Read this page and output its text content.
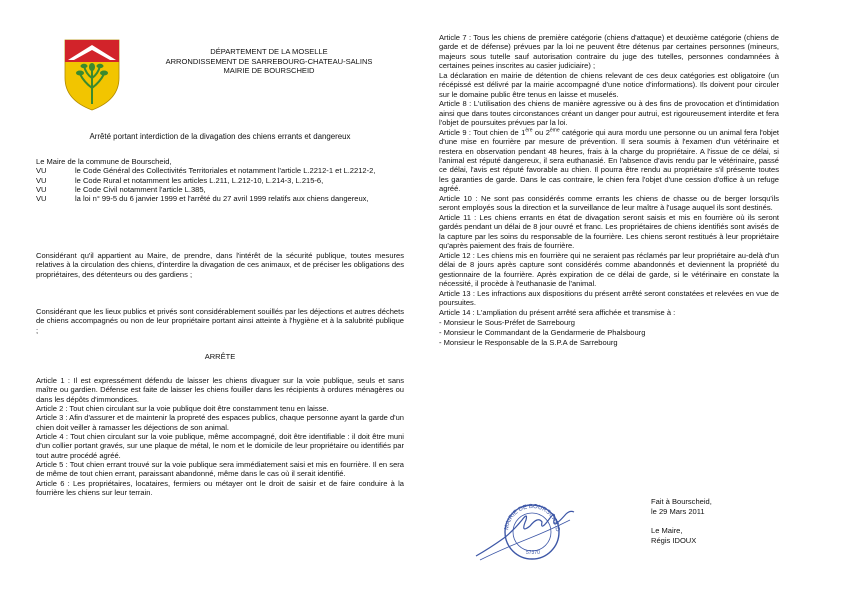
DÉPARTEMENT DE LA MOSELLE
ARRONDISSEMENT DE SARREBOURG-CHATEAU-SALINS
MAIRIE DE BOURSCHEID
Arrêté portant interdiction de la divagation des chiens errants et dangereux

Le Maire de la commune de Bourscheid,

VU	le Code Général des Collectivités Territoriales et notamment l'article L.2212-1 et L.2212-2,
VU	le Code Rural et notamment les articles L.211, L.212-10, L.214-3, L.215-6,
VU	le Code Civil notamment l'article L.385,
VU	la loi n° 99-5 du 6 janvier 1999 et l'arrêté du 27 avril 1999 relatifs aux chiens dangereux,
Considérant qu'il appartient au Maire, de prendre, dans l'intérêt de la sécurité publique, toutes mesures relatives à la circulation des chiens, d'interdire la divagation de ces animaux, et de préciser les obligations des propriétaires, des détenteurs ou des gardiens ;
Considérant que les lieux publics et privés sont considérablement souillés par les déjections et autres déchets de chiens accompagnés ou non de leur propriétaire portant ainsi atteinte à l'hygiène et à la salubrité publique ;
ARRÊTE

Article 1 : Il est expressément défendu de laisser les chiens divaguer sur la voie publique, seuls et sans maître ou gardien. Défense est faite de laisser les chiens fouiller dans les récipients à ordures ménagères ou dans les dépôts d'immondices.

Article 2 : Tout chien circulant sur la voie publique doit être constamment tenu en laisse.

Article 3 : Afin d'assurer et de maintenir la propreté des espaces publics, chaque personne ayant la garde d'un chien doit veiller à ramasser les déjections de son animal.

Article 4 : Tout chien circulant sur la voie publique, même accompagné, doit être identifiable : il doit être muni d'un collier portant gravés, sur une plaque de métal, le nom et le domicile de leur propriétaire ou identifiés par tout autre procédé agréé.

Article 5 : Tout chien errant trouvé sur la voie publique sera immédiatement saisi et mis en fourrière. Il en sera de même de tout chien errant, paraissant abandonné, même dans le cas où il serait identifié.

Article 6 : Les propriétaires, locataires, fermiers ou métayer ont le droit de saisir et de faire conduire à la fourrière les chiens sur leur terrain.

Article 7 : Tous les chiens de première catégorie (chiens d'attaque) et deuxième catégorie (chiens de garde et de défense) prévues par la loi ne peuvent être détenus par certaines personnes (mineurs, majeurs sous tutelle sauf autorisation contraire du juge des tutelles, personnes condamnées à certaines peines inscrites au casier judiciaire) ;

La déclaration en mairie de détention de chiens relevant de ces deux catégories est obligatoire (un récépissé est délivré par la mairie accompagné d'une notice d'informations). Ils doivent pour circuler sur le domaine public être tenus en laisse et muselés.

Article 8 : L'utilisation des chiens de manière agressive ou à des fins de provocation et d'intimidation ainsi que dans toutes circonstances créant un danger pour autrui, est rigoureusement interdite et fera l'objet de poursuites prévues par la loi.

Article 9 : Tout chien de 1ère ou 2ème catégorie qui aura mordu une personne ou un animal fera l'objet d'une mise en fourrière par mesure de prévention. Il sera soumis à l'examen d'un vétérinaire et restera en observation pendant 48 heures, frais à la charge du propriétaire. A l'issue de ce délai, si l'animal est réputé dangereux, il sera euthanasié. En l'absence d'avis rendu par le vétérinaire, passé ce délai, l'avis est réputé favorable au chien. Il pourra être rendu au propriétaire s'il présente toutes les garanties de garde. Dans le cas contraire, le chien fera l'objet d'une cession d'office à un refuge agréé.

Article 10 : Ne sont pas considérés comme errants les chiens de chasse ou de berger lorsqu'ils seront employés sous la direction et la surveillance de leur maître à l'usage auquel ils sont destinés.

Article 11 : Les chiens errants en état de divagation seront saisis et mis en fourrière où ils seront gardés pendant un délai de 8 jour ouvré et franc. Les propriétaires de chiens identifiés sont avisés de la capture par les soins du responsable de la fourrière. Les chiens seront restitués à leur propriétaire qu'après paiement des frais de fourrière.

Article 12 : Les chiens mis en fourrière qui ne seraient pas réclamés par leur propriétaire au-delà d'un délai de 8 jours après capture sont considérés comme abandonnés et deviennent la propriété du gestionnaire de la fourrière. Après expiration de ce délai de garde, si le vétérinaire en constate la nécessité, il procède à l'euthanasie de l'animal.

Article 13 : Les infractions aux dispositions du présent arrêté seront constatées et relevées en vue de poursuites.

Article 14 : L'ampliation du présent arrêté sera affichée et transmise à :

- Monsieur le Sous-Préfet de Sarrebourg

- Monsieur le Commandant de la Gendarmerie de Phalsbourg

- Monsieur le Responsable de la S.P.A de Sarrebourg

MAIRIE DE BOURSCHEID
57370
Fait à Bourscheid,
le 29 Mars 2011
Le Maire,
Régis IDOUX
